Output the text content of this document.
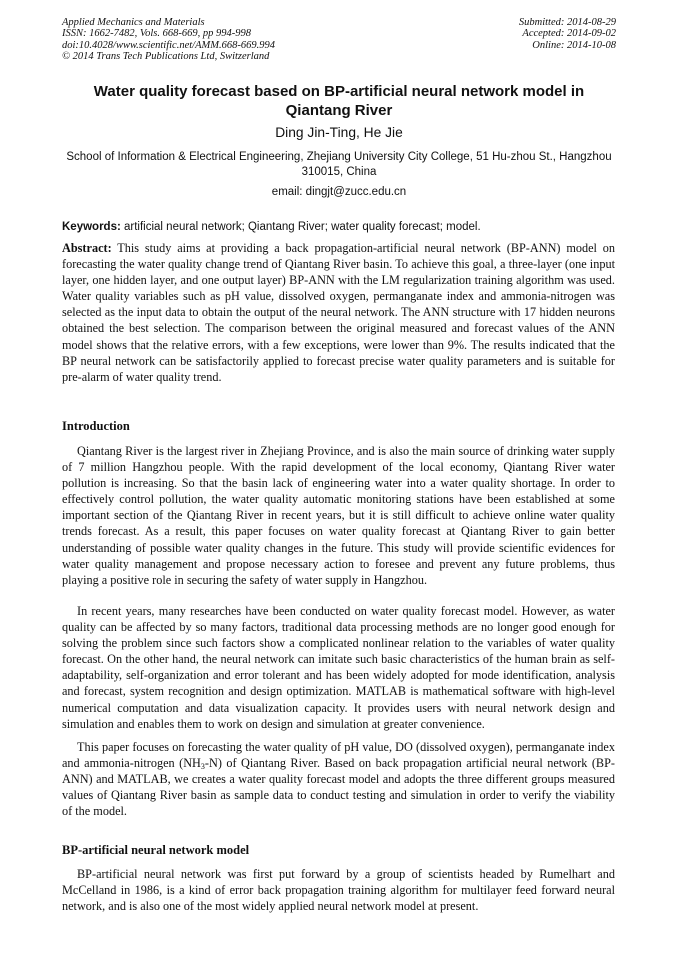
Applied Mechanics and Materials
ISSN: 1662-7482, Vols. 668-669, pp 994-998
doi:10.4028/www.scientific.net/AMM.668-669.994
© 2014 Trans Tech Publications Ltd, Switzerland
Submitted: 2014-08-29
Accepted: 2014-09-02
Online: 2014-10-08
Water quality forecast based on BP-artificial neural network model in Qiantang River
Ding Jin-Ting, He Jie
School of Information & Electrical Engineering, Zhejiang University City College, 51 Hu-zhou St., Hangzhou 310015, China
email: dingjt@zucc.edu.cn
Keywords: artificial neural network; Qiantang River; water quality forecast; model.

Abstract: This study aims at providing a back propagation-artificial neural network (BP-ANN) model on forecasting the water quality change trend of Qiantang River basin. To achieve this goal, a three-layer (one input layer, one hidden layer, and one output layer) BP-ANN with the LM regularization training algorithm was used. Water quality variables such as pH value, dissolved oxygen, permanganate index and ammonia-nitrogen was selected as the input data to obtain the output of the neural network. The ANN structure with 17 hidden neurons obtained the best selection. The comparison between the original measured and forecast values of the ANN model shows that the relative errors, with a few exceptions, were lower than 9%. The results indicated that the BP neural network can be satisfactorily applied to forecast precise water quality parameters and is suitable for pre-alarm of water quality trend.

Introduction

Qiantang River is the largest river in Zhejiang Province, and is also the main source of drinking water supply of 7 million Hangzhou people. With the rapid development of the local economy, Qiantang River water pollution is increasing. So that the basin lack of engineering water into a water quality shortage. In order to effectively control pollution, the water quality automatic monitoring stations have been established at some important section of the Qiantang River in recent years, but it is still difficult to achieve online water quality trends forecast. As a result, this paper focuses on water quality forecast at Qiantang River to gain better understanding of possible water quality changes in the future. This study will provide scientific evidences for water quality management and propose necessary action to foresee and prevent any future problems, thus playing a positive role in securing the safety of water supply in Hangzhou.

In recent years, many researches have been conducted on water quality forecast model. However, as water quality can be affected by so many factors, traditional data processing methods are no longer good enough for solving the problem since such factors show a complicated nonlinear relation to the variables of water quality forecast. On the other hand, the neural network can imitate such basic characteristics of the human brain as self-adaptability, self-organization and error tolerant and has been widely adopted for mode identification, analysis and forecast, system recognition and design optimization. MATLAB is mathematical software with high-level numerical computation and data visualization capacity. It provides users with neural network design and simulation and enables them to work on design and simulation at greater convenience.

This paper focuses on forecasting the water quality of pH value, DO (dissolved oxygen), permanganate index and ammonia-nitrogen $(NH_3-N)$ of Qiantang River. Based on back propagation artificial neural network (BP-ANN) and MATLAB, we creates a water quality forecast model and adopts the three different groups measured values of Qiantang River basin as sample data to conduct testing and simulation in order to verify the viability of the model.

BP-artificial neural network model

BP-artificial neural network was first put forward by a group of scientists headed by Rumelhart and McCelland in 1986, is a kind of error back propagation training algorithm for multilayer feed forward neural network, and is also one of the most widely applied neural network model at present.
